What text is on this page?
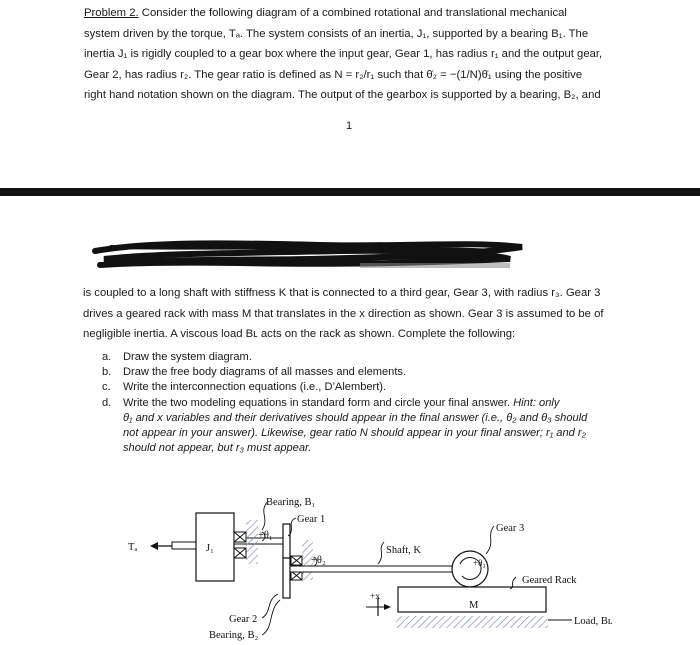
Problem 2. Consider the following diagram of a combined rotational and translational mechanical
system driven by the torque, Tₐ. The system consists of an inertia, J₁, supported by a bearing B₁. The
inertia J₁ is rigidly coupled to a gear box where the input gear, Gear 1, has radius r₁ and the output gear,
Gear 2, has radius r₂. The gear ratio is defined as N = r₂/r₁ such that θ̇₂ = −(1/N)θ̇₁ using the positive
right hand notation shown on the diagram. The output of the gearbox is supported by a bearing, B₂, and
1
is coupled to a long shaft with stiffness K that is connected to a third gear, Gear 3, with radius r₃. Gear 3
drives a geared rack with mass M that translates in the x direction as shown. Gear 3 is assumed to be of
negligible inertia. A viscous load Bʟ acts on the rack as shown. Complete the following:
a. Draw the system diagram.
b. Draw the free body diagrams of all masses and elements.
c. Write the interconnection equations (i.e., D’Alembert).
d. Write the two modeling equations in standard form and circle your final answer. Hint: only
θ₁ and x variables and their derivatives should appear in the final answer (i.e., θ₂ and θ₃ should
not appear in your answer). Likewise, gear ratio N should appear in your final answer; r₁ and r₂
should not appear, but r₃ must appear.
Tₐ	J₁
+θ₁
+θ₂	+θ₃
M
+x
Bearing, B₁
Gear 1
Shaft, K
Gear 3
Geared Rack
Gear 2
Bearing, B₂
Load, Bʟ
